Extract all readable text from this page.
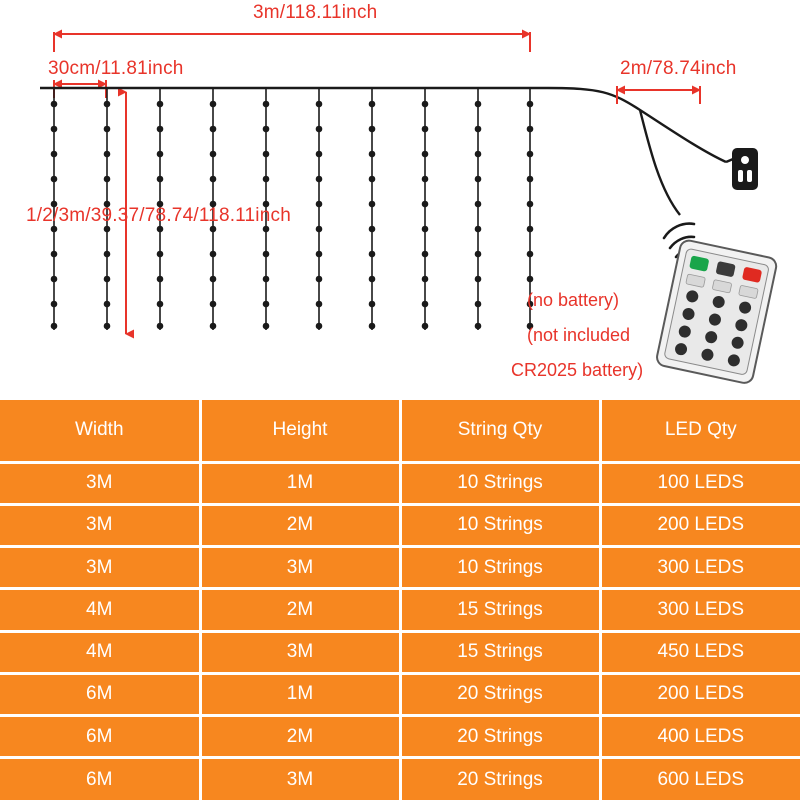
3m/118.11inch
30cm/11.81inch	2m/78.74inch
1/2/3m/39.37/78.74/118.11inch
(no battery)
(not included
CR2025 battery)
Width	Height	String Qty	LED Qty
3M	1M	10 Strings	100 LEDS
3M	2M	10 Strings	200 LEDS
3M	3M	10 Strings	300 LEDS
4M	2M	15 Strings	300 LEDS
4M	3M	15 Strings	450 LEDS
6M	1M	20 Strings	200 LEDS
6M	2M	20 Strings	400 LEDS
6M	3M	20 Strings	600 LEDS
